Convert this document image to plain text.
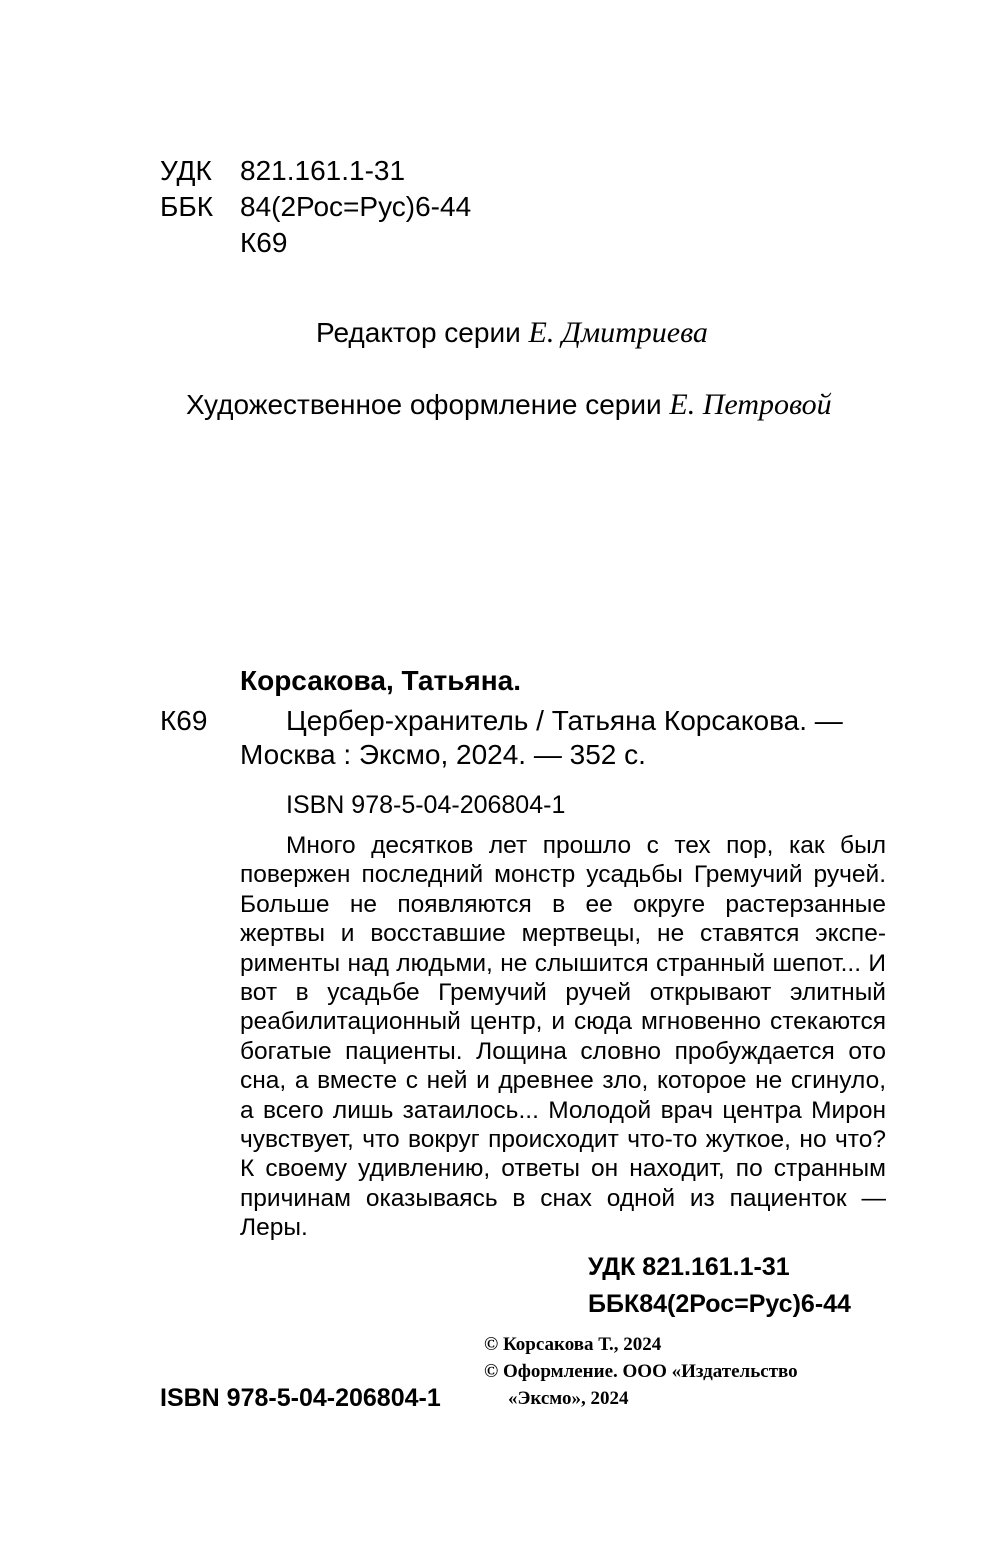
УДК 821.161.1-31
ББК 84(2Рос=Рус)6-44
К69

Редактор серии Е. Дмитриева

Художественное оформление серии Е. Петровой

Корсакова, Татьяна.

К69	Цербер-хранитель / Татьяна Корсакова. —

Москва : Эксмо, 2024. — 352 с.

ISBN 978-5-04-206804-1

Много десятков лет прошло с тех пор, как был повержен последний монстр усадьбы Гремучий ручей. Больше не появляются в ее округе растерзанные жертвы и восставшие мертвецы, не ставятся эксперименты над людьми, не слышится странный шепот... И вот в усадьбе Гремучий ручей открывают элитный реабилитационный центр, и сюда мгновенно стекаются богатые пациенты. Лощина словно пробуждается ото сна, а вместе с ней и древнее зло, которое не сгинуло, а всего лишь затаилось... Молодой врач центра Мирон чувствует, что вокруг происходит что-то жуткое, но что? К своему удивлению, ответы он находит, по странным причинам оказываясь в снах одной из пациенток — Леры.

УДК 821.161.1-31

ББК84(2Рос=Рус)6-44

© Корсакова Т., 2024

© Оформление. ООО «Издательство

«Эксмо», 2024

ISBN 978-5-04-206804-1
